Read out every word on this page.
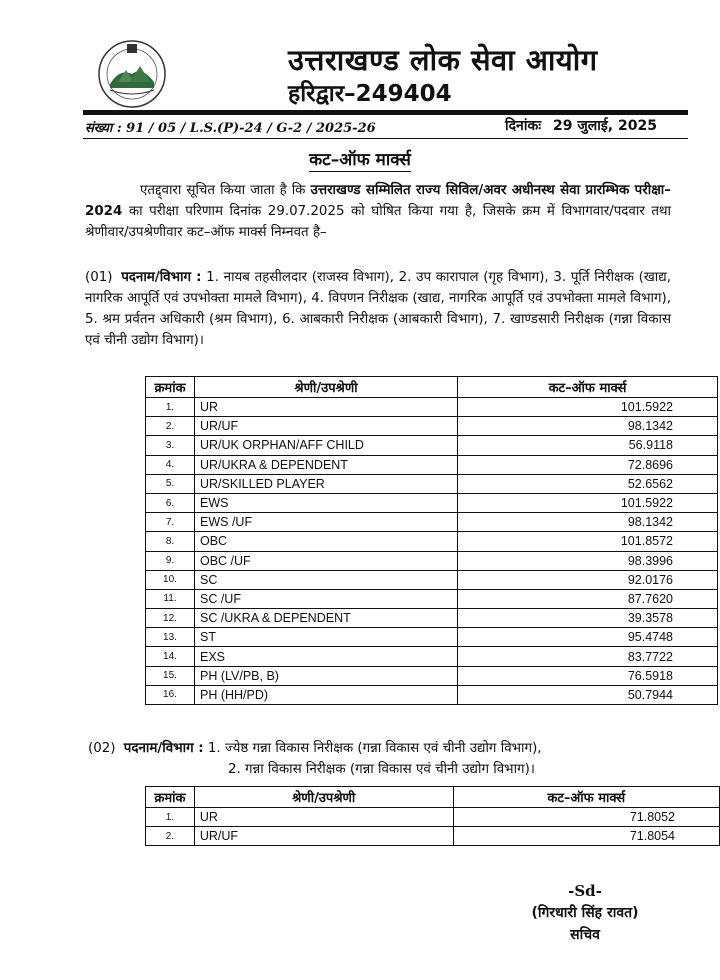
उत्तराखण्ड लोक सेवा आयोग
हरिद्वार–249404
संख्या : 91 / 05 / L.S.(P)-24 / G-2 / 2025-26	दिनांकः 29 जुलाई, 2025
कट–ऑफ मार्क्स
एतद्द्वारा सूचित किया जाता है कि उत्तराखण्ड सम्मिलित राज्य सिविल/अवर अधीनस्थ सेवा प्रारम्भिक परीक्षा–2024 का परीक्षा परिणाम दिनांक 29.07.2025 को घोषित किया गया है, जिसके क्रम में विभागवार/पदवार तथा श्रेणीवार/उपश्रेणीवार कट–ऑफ मार्क्स निम्नवत है–
(01) पदनाम/विभाग : 1. नायब तहसीलदार (राजस्व विभाग), 2. उप कारापाल (गृह विभाग), 3. पूर्ति निरीक्षक (खाद्य, नागरिक आपूर्ति एवं उपभोक्ता मामले विभाग), 4. विपणन निरीक्षक (खाद्य, नागरिक आपूर्ति एवं उपभोक्ता मामले विभाग), 5. श्रम प्रर्वतन अधिकारी (श्रम विभाग), 6. आबकारी निरीक्षक (आबकारी विभाग), 7. खाण्डसारी निरीक्षक (गन्ना विकास एवं चीनी उद्योग विभाग)।
क्रमांक	श्रेणी/उपश्रेणी	कट–ऑफ मार्क्स
1.	UR	101.5922
2.	UR/UF	98.1342
3.	UR/UK ORPHAN/AFF CHILD	56.9118
4.	UR/UKRA & DEPENDENT	72.8696
5.	UR/SKILLED PLAYER	52.6562
6.	EWS	101.5922
7.	EWS /UF	98.1342
8.	OBC	101.8572
9.	OBC /UF	98.3996
10.	SC	92.0176
11.	SC /UF	87.7620
12.	SC /UKRA & DEPENDENT	39.3578
13.	ST	95.4748
14.	EXS	83.7722
15.	PH (LV/PB, B)	76.5918
16.	PH (HH/PD)	50.7944
(02) पदनाम/विभाग : 1. ज्येष्ठ गन्ना विकास निरीक्षक (गन्ना विकास एवं चीनी उद्योग विभाग),
2. गन्ना विकास निरीक्षक (गन्ना विकास एवं चीनी उद्योग विभाग)।
क्रमांक	श्रेणी/उपश्रेणी	कट–ऑफ मार्क्स
1.	UR	71.8052
2.	UR/UF	71.8054
-Sd-
(गिरधारी सिंह रावत)
सचिव
